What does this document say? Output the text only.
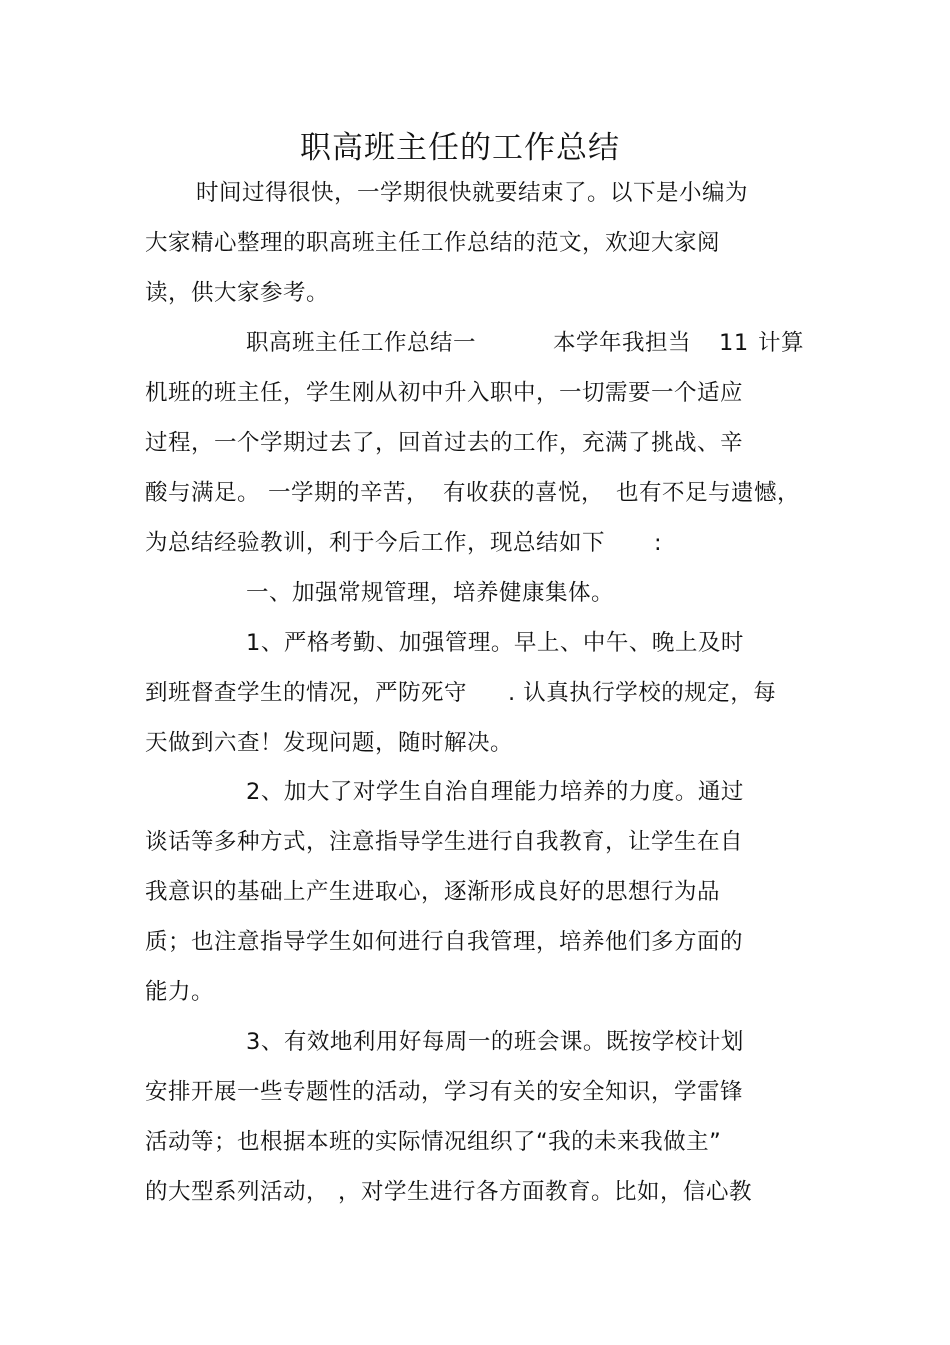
职高班主任的工作总结
时间过得很快，一学期很快就要结束了。以下是小编为
大家精心整理的职高班主任工作总结的范文，欢迎大家阅
读，供大家参考。

职高班主任工作总结一

	本学年我担当

11

计算

机班的班主任，学生刚从初中升入职中，一切需要一个适应
过程，一个学期过去了，回首过去的工作，充满了挑战、辛

酸与满足。

一学期的辛苦，

有收获的喜悦，

也有不足与遗憾，

为总结经验教训，利于今后工作，现总结如下

:

一、加强常规管理，培养健康集体。
1、严格考勤、加强管理。早上、中午、晚上及时

到班督查学生的情况，严防死守

. 认真执行学校的规定，每

天做到六查！发现问题，随时解决。
2、加大了对学生自治自理能力培养的力度。通过
谈话等多种方式，注意指导学生进行自我教育，让学生在自
我意识的基础上产生进取心，逐渐形成良好的思想行为品
质；也注意指导学生如何进行自我管理，培养他们多方面的
能力。
3、有效地利用好每周一的班会课。既按学校计划
安排开展一些专题性的活动，学习有关的安全知识，学雷锋
活动等；也根据本班的实际情况组织了“我的未来我做主”

的大型系列活动，

，对学生进行各方面教育。比如，信心教
